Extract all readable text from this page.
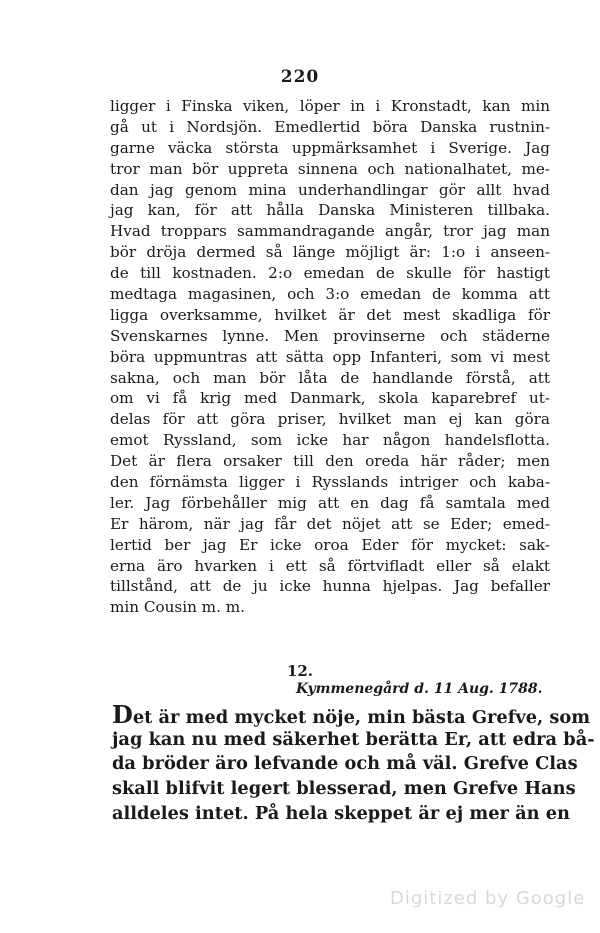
220
ligger i Finska viken, löper in i Kronstadt, kan min
gå ut i Nordsjön. Emedlertid böra Danska rustnin-
garne väcka största uppmärksamhet i Sverige. Jag
tror man bör uppreta sinnena och nationalhatet, me-
dan jag genom mina underhandlingar gör allt hvad
jag kan, för att hålla Danska Ministeren tillbaka.
Hvad troppars sammandragande angår, tror jag man
bör dröja dermed så länge möjligt är: 1:o i anseen-
de till kostnaden. 2:o emedan de skulle för hastigt
medtaga magasinen, och 3:o emedan de komma att
ligga overksamme, hvilket är det mest skadliga för
Svenskarnes lynne. Men provinserne och städerne
böra uppmuntras att sätta opp Infanteri, som vi mest
sakna, och man bör låta de handlande förstå, att
om vi få krig med Danmark, skola kaparebref ut-
delas för att göra priser, hvilket man ej kan göra
emot Ryssland, som icke har någon handelsflotta.
Det är flera orsaker till den oreda här råder; men
den förnämsta ligger i Rysslands intriger och kaba-
ler. Jag förbehåller mig att en dag få samtala med
Er härom, när jag får det nöjet att se Eder; emed-
lertid ber jag Er icke oroa Eder för mycket: sak-
erna äro hvarken i ett så förtvifladt eller så elakt
tillstånd, att de ju icke hunna hjelpas. Jag befaller
min Cousin m. m.
12.
Kymmenegård d. 11 Aug. 1788.
Det är med mycket nöje, min bästa Grefve, som
jag kan nu med säkerhet berätta Er, att edra bå-
da bröder äro lefvande och må väl. Grefve Clas
skall blifvit legert blesserad, men Grefve Hans
alldeles intet. På hela skeppet är ej mer än en
Digitized by Google
